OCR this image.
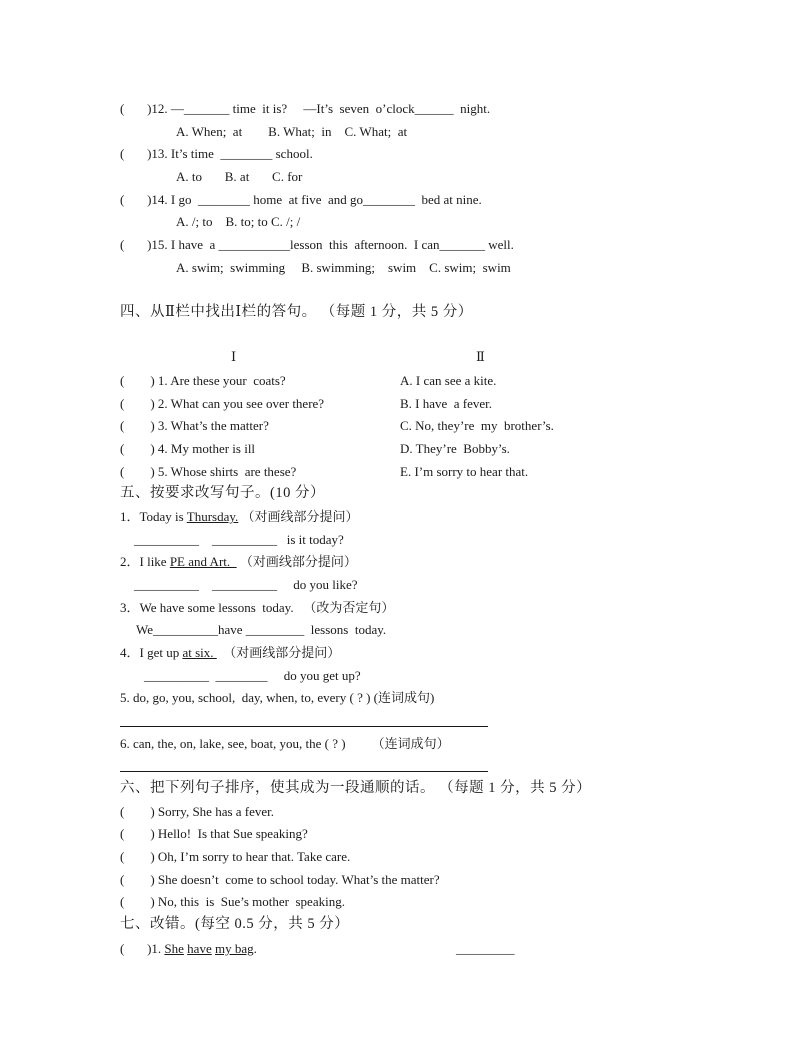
(       )12. —_______ time  it is?     —It’s  seven  o’clock______  night.
A. When;  at        B. What;  in    C. What;  at
(       )13. It’s time  ________ school.
A. to       B. at       C. for
(       )14. I go  ________ home  at five  and go________  bed at nine.
A. /; to    B. to; to C. /; /
(       )15. I have  a ___________lesson  this  afternoon.  I can_______ well.
A. swim;  swimming     B. swimming;    swim    C. swim;  swim
四、从Ⅱ栏中找出Ⅰ栏的答句。 （每题 1 分，共 5 分）
Ⅰ	Ⅱ
(        ) 1. Are these your  coats?	A. I can see a kite.
(        ) 2. What can you see over there?	B. I have  a fever.
(        ) 3. What’s the matter?	C. No, they’re  my  brother’s.
(        ) 4. My mother is ill	D. They’re  Bobby’s.
(        ) 5. Whose shirts  are these?	E. I’m sorry to hear that.
五、按要求改写句子。(10 分）
1．Today is Thursday. （对画线部分提问）
__________    __________   is it today?
2．I like PE and Art.   （对画线部分提问）
__________    __________     do you like?
3．We have some lessons  today.   （改为否定句）
We__________have _________  lessons  today.
4．I get up at six.   （对画线部分提问）
__________  ________     do you get up?
5. do, go, you, school,  day, when, to, every ( ? ) (连词成句)
6. can, the, on, lake, see, boat, you, the ( ? )        （连词成句）
六、把下列句子排序，使其成为一段通顺的话。 （每题 1 分，共 5 分）
(        ) Sorry, She has a fever.
(        ) Hello!  Is that Sue speaking?
(        ) Oh, I’m sorry to hear that. Take care.
(        ) She doesn’t  come to school today. What’s the matter?
(        ) No, this  is  Sue’s mother  speaking.
七、改错。(每空 0.5 分，共 5 分）
(       )1. She have my bag.	_________
